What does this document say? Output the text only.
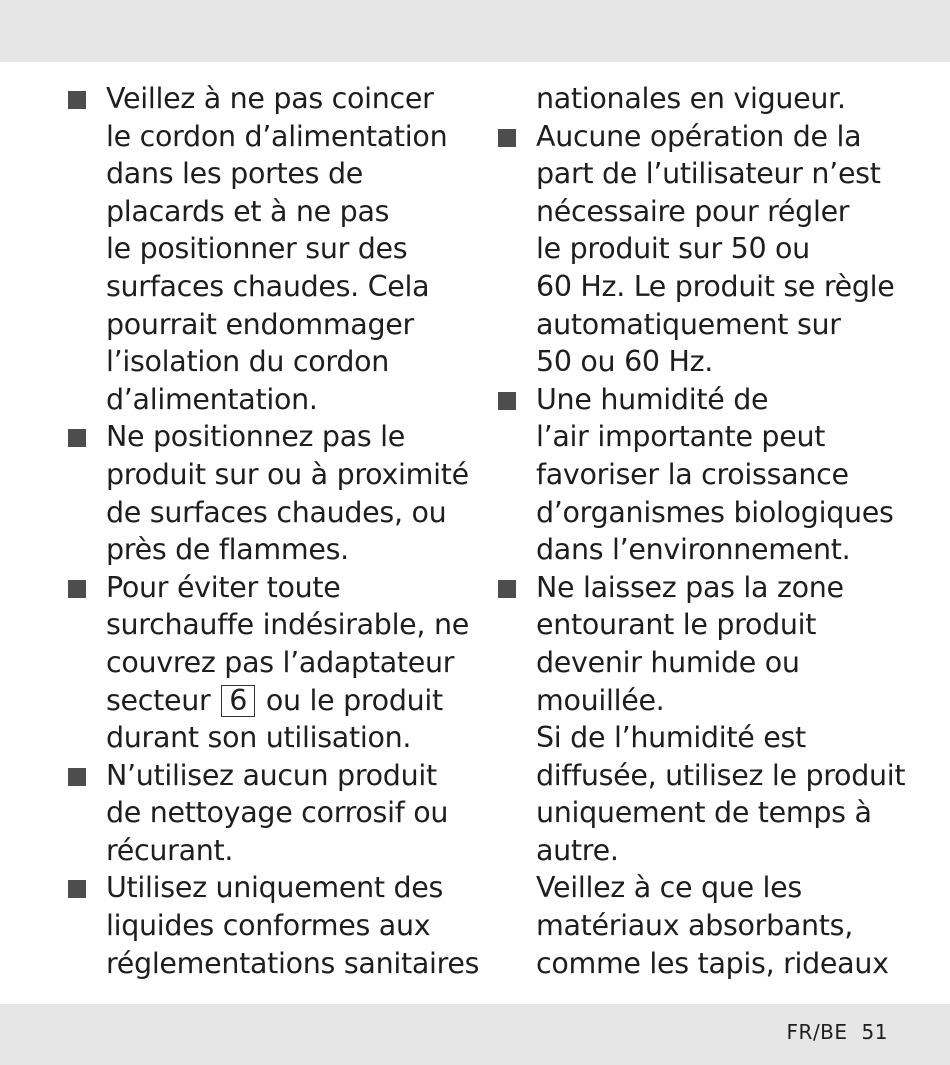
Veillez à ne pas coincer
le cordon d’alimentation
dans les portes de
placards et à ne pas
le positionner sur des
surfaces chaudes. Cela
pourrait endommager
l’isolation du cordon
d’alimentation.
Ne positionnez pas le
produit sur ou à proximité
de surfaces chaudes, ou
près de flammes.
Pour éviter toute
surchauffe indésirable, ne
couvrez pas l’adaptateur
secteur 6 ou le produit
durant son utilisation.
N’utilisez aucun produit
de nettoyage corrosif ou
récurant.
Utilisez uniquement des
liquides conformes aux
réglementations sanitaires
nationales en vigueur.
Aucune opération de la
part de l’utilisateur n’est
nécessaire pour régler
le produit sur 50 ou
60 Hz. Le produit se règle
automatiquement sur
50 ou 60 Hz.
Une humidité de
l’air importante peut
favoriser la croissance
d’organismes biologiques
dans l’environnement.
Ne laissez pas la zone
entourant le produit
devenir humide ou
mouillée.
Si de l’humidité est
diffusée, utilisez le produit
uniquement de temps à
autre.
Veillez à ce que les
matériaux absorbants,
comme les tapis, rideaux
FR/BE 51
